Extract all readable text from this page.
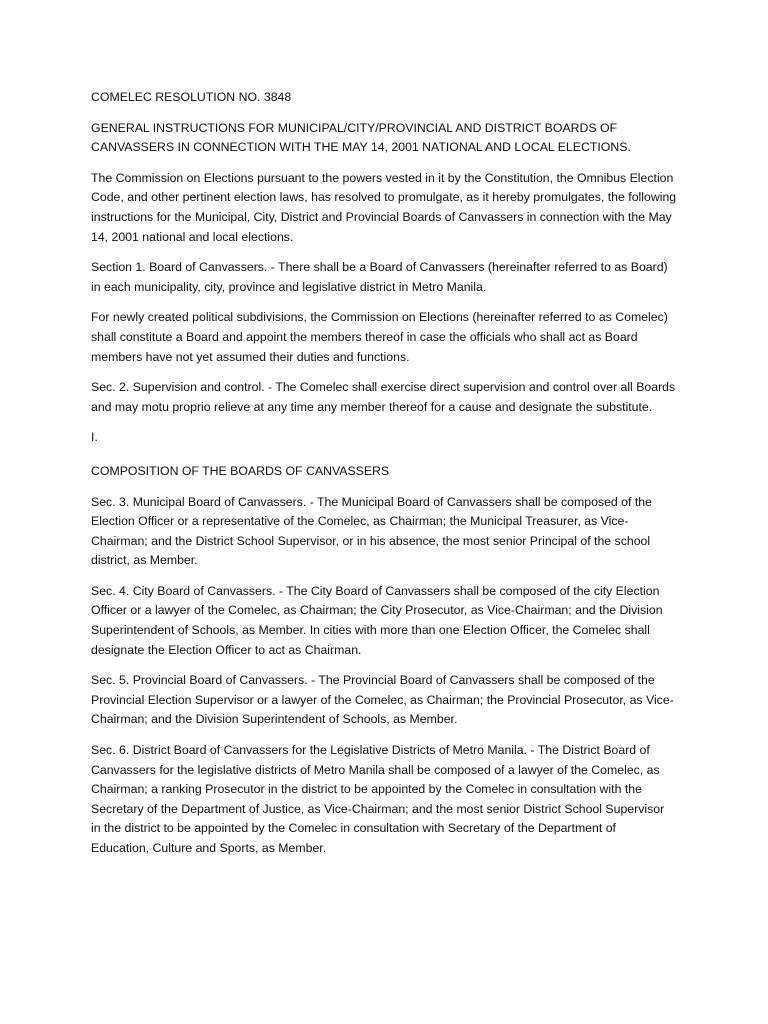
COMELEC RESOLUTION NO. 3848

GENERAL INSTRUCTIONS FOR MUNICIPAL/CITY/PROVINCIAL AND DISTRICT BOARDS OF CANVASSERS IN CONNECTION WITH THE MAY 14, 2001 NATIONAL AND LOCAL ELECTIONS.

The Commission on Elections pursuant to the powers vested in it by the Constitution, the Omnibus Election Code, and other pertinent election laws, has resolved to promulgate, as it hereby promulgates, the following instructions for the Municipal, City, District and Provincial Boards of Canvassers in connection with the May 14, 2001 national and local elections.

Section 1. Board of Canvassers. - There shall be a Board of Canvassers (hereinafter referred to as Board) in each municipality, city, province and legislative district in Metro Manila.

For newly created political subdivisions, the Commission on Elections (hereinafter referred to as Comelec) shall constitute a Board and appoint the members thereof in case the officials who shall act as Board members have not yet assumed their duties and functions.

Sec. 2. Supervision and control. - The Comelec shall exercise direct supervision and control over all Boards and may motu proprio relieve at any time any member thereof for a cause and designate the substitute.

I.

COMPOSITION OF THE BOARDS OF CANVASSERS

Sec. 3. Municipal Board of Canvassers. - The Municipal Board of Canvassers shall be composed of the Election Officer or a representative of the Comelec, as Chairman; the Municipal Treasurer, as Vice-Chairman; and the District School Supervisor, or in his absence, the most senior Principal of the school district, as Member.

Sec. 4. City Board of Canvassers. - The City Board of Canvassers shall be composed of the city Election Officer or a lawyer of the Comelec, as Chairman; the City Prosecutor, as Vice-Chairman; and the Division Superintendent of Schools, as Member. In cities with more than one Election Officer, the Comelec shall designate the Election Officer to act as Chairman.

Sec. 5. Provincial Board of Canvassers. - The Provincial Board of Canvassers shall be composed of the Provincial Election Supervisor or a lawyer of the Comelec, as Chairman; the Provincial Prosecutor, as Vice-Chairman; and the Division Superintendent of Schools, as Member.

Sec. 6. District Board of Canvassers for the Legislative Districts of Metro Manila. - The District Board of Canvassers for the legislative districts of Metro Manila shall be composed of a lawyer of the Comelec, as Chairman; a ranking Prosecutor in the district to be appointed by the Comelec in consultation with the Secretary of the Department of Justice, as Vice-Chairman; and the most senior District School Supervisor in the district to be appointed by the Comelec in consultation with Secretary of the Department of Education, Culture and Sports, as Member.
